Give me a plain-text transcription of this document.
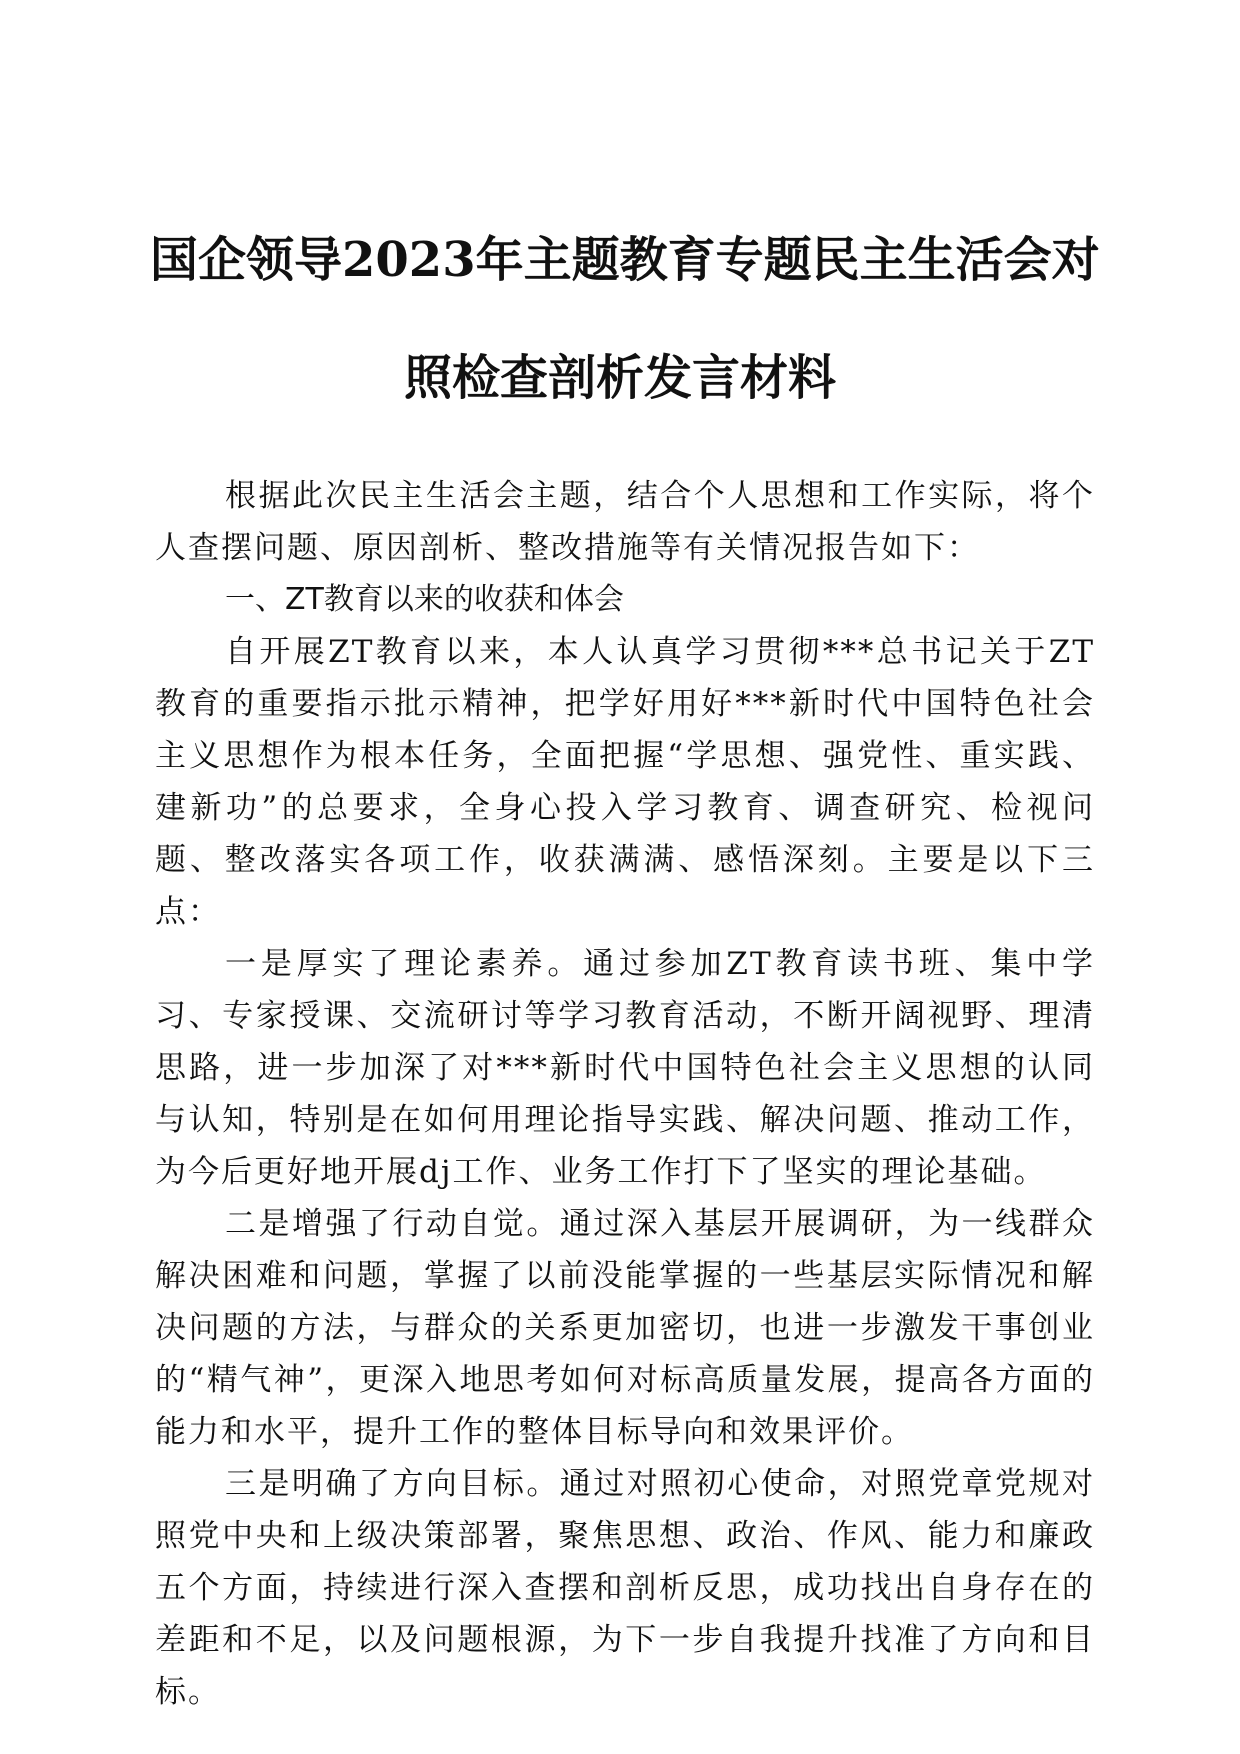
国企领导2023年主题教育专题民主生活会对
照检查剖析发言材料

根据此次民主生活会主题，结合个人思想和工作实际，将个人查摆问题、原因剖析、整改措施等有关情况报告如下：

一、ZT教育以来的收获和体会

自开展ZT教育以来，本人认真学习贯彻***总书记关于ZT教育的重要指示批示精神，把学好用好***新时代中国特色社会主义思想作为根本任务，全面把握“学思想、强党性、重实践、建新功”的总要求，全身心投入学习教育、调查研究、检视问题、整改落实各项工作，收获满满、感悟深刻。主要是以下三点：

一是厚实了理论素养。通过参加ZT教育读书班、集中学习、专家授课、交流研讨等学习教育活动，不断开阔视野、理清思路，进一步加深了对***新时代中国特色社会主义思想的认同与认知，特别是在如何用理论指导实践、解决问题、推动工作，为今后更好地开展dj工作、业务工作打下了坚实的理论基础。

二是增强了行动自觉。通过深入基层开展调研，为一线群众解决困难和问题，掌握了以前没能掌握的一些基层实际情况和解决问题的方法，与群众的关系更加密切，也进一步激发干事创业的“精气神”，更深入地思考如何对标高质量发展，提高各方面的能力和水平，提升工作的整体目标导向和效果评价。

三是明确了方向目标。通过对照初心使命，对照党章党规对照党中央和上级决策部署，聚焦思想、政治、作风、能力和廉政五个方面，持续进行深入查摆和剖析反思，成功找出自身存在的差距和不足，以及问题根源，为下一步自我提升找准了方向和目标。
